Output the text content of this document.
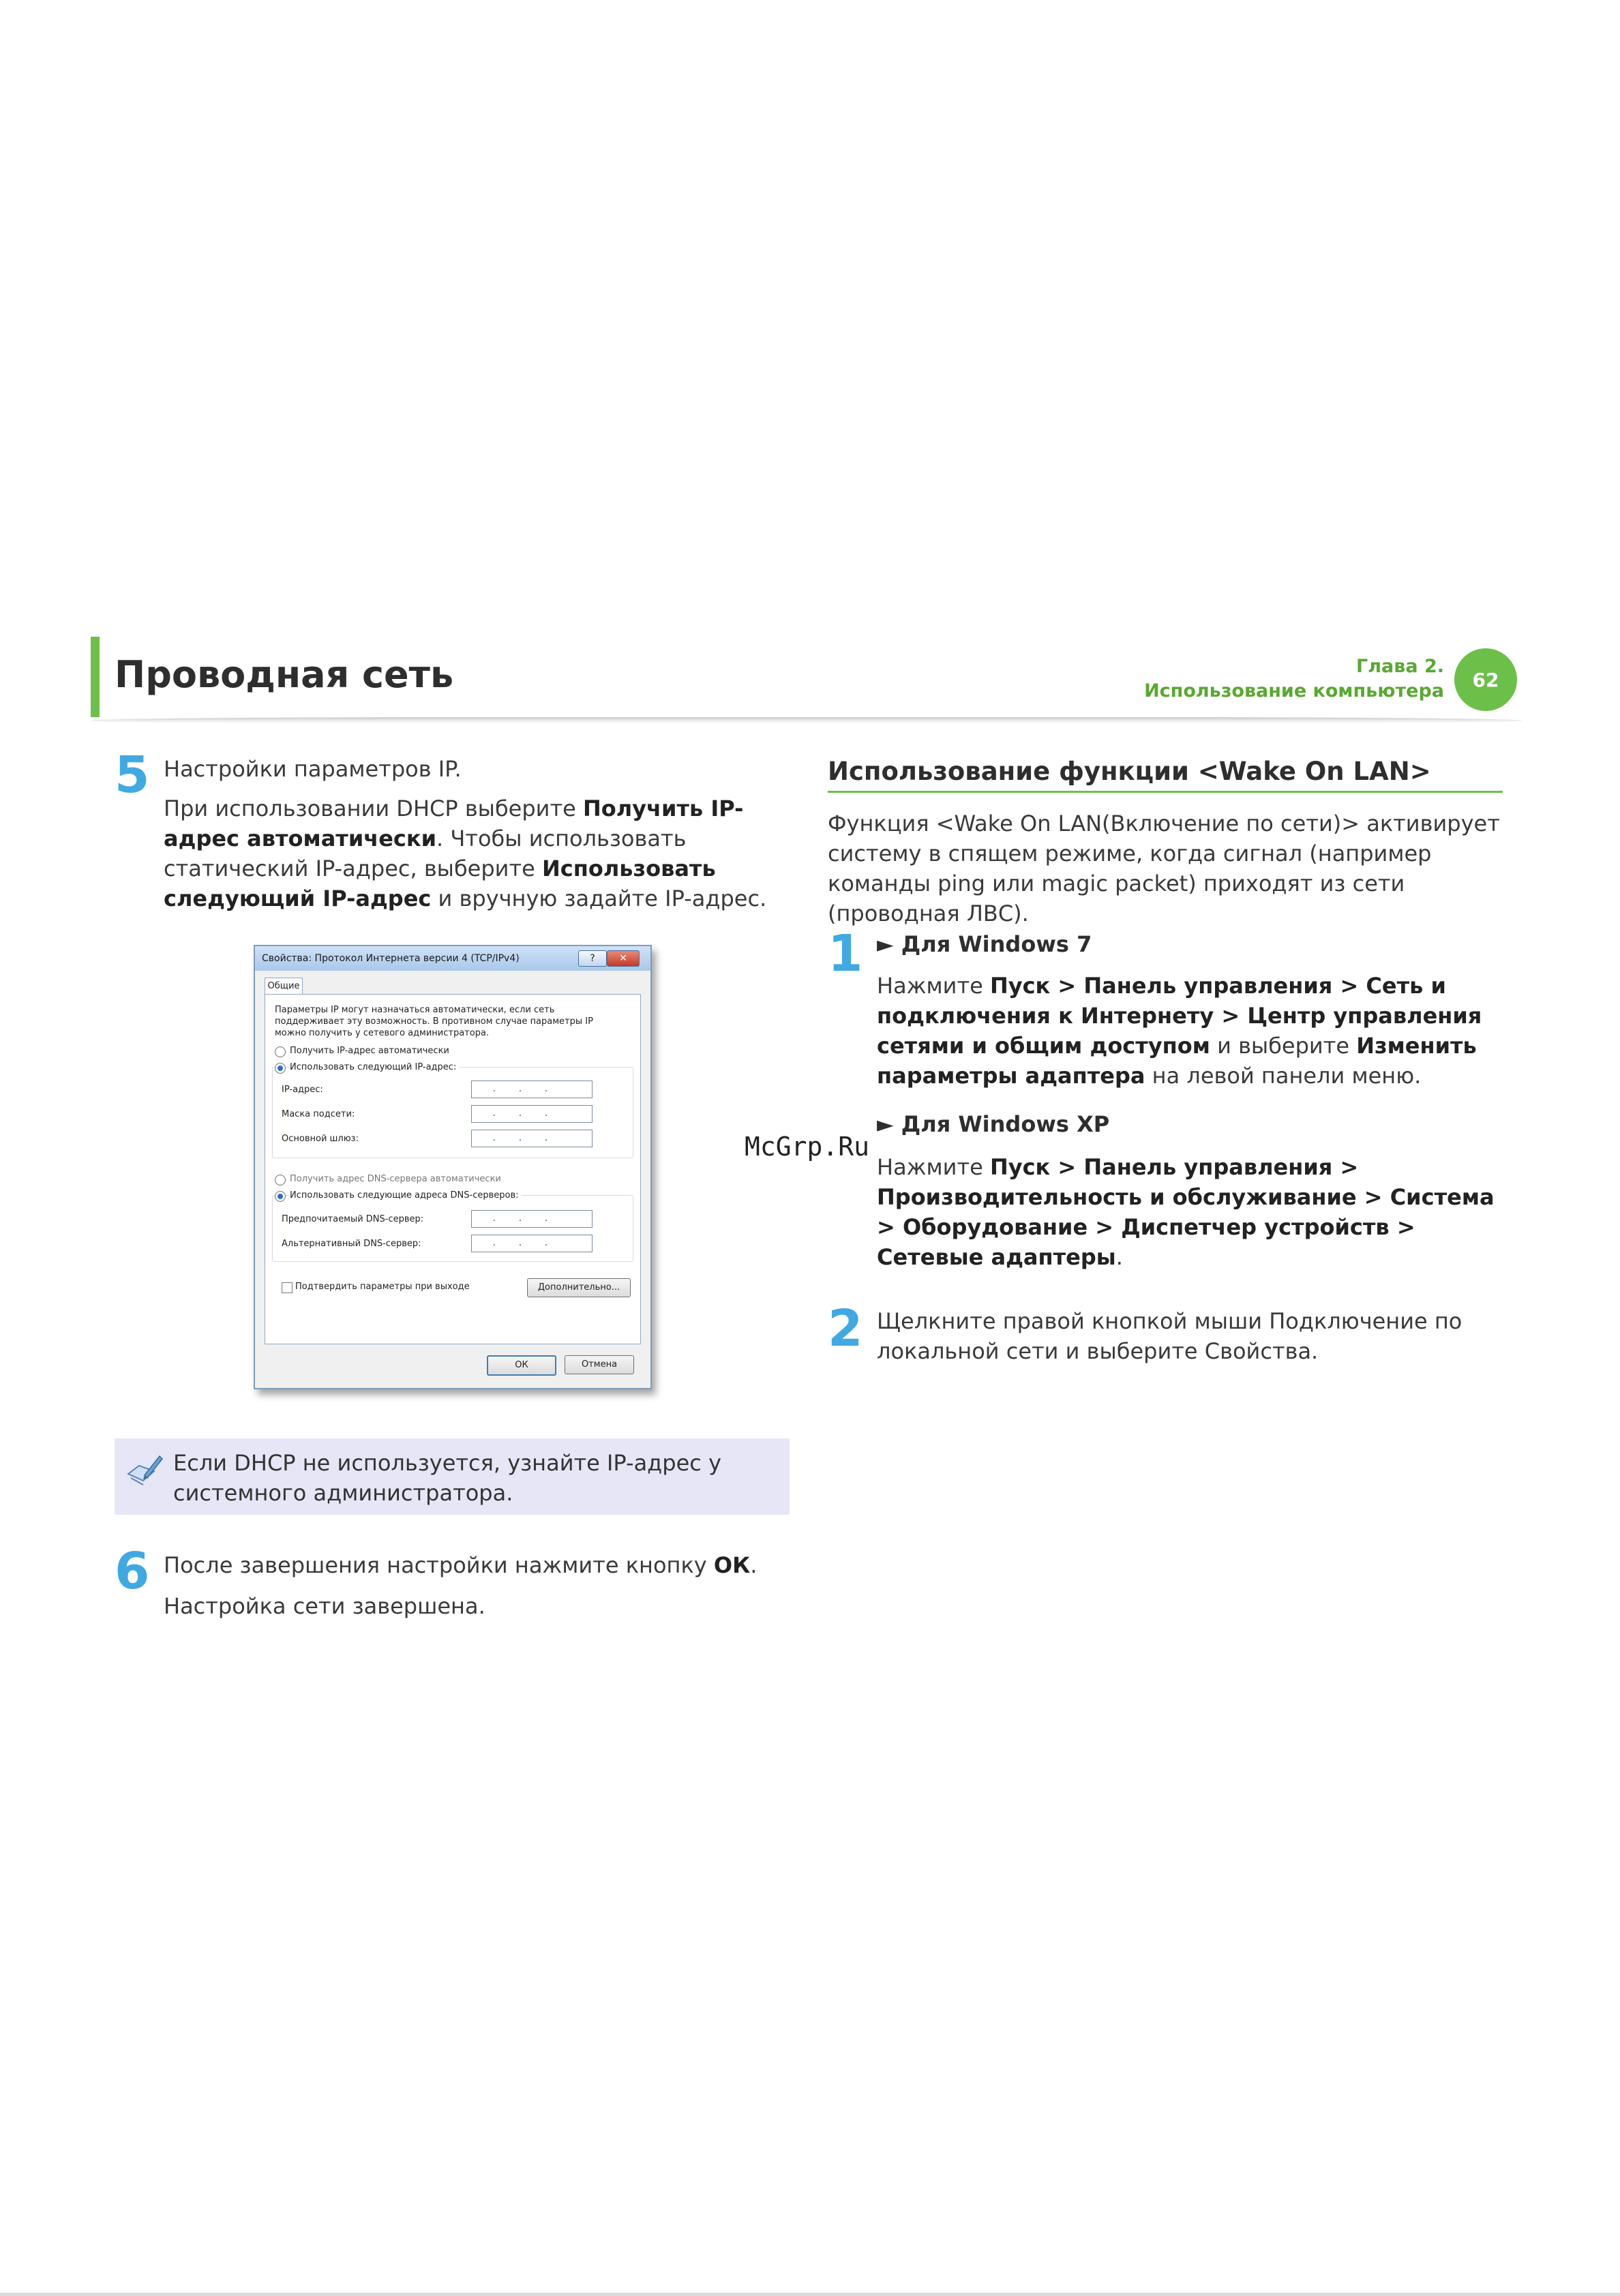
Проводная сеть	Глава 2.
Использование компьютера	62
5 Настройки параметров IP.
При использовании DHCP выберите Получить IP-адрес автоматически. Чтобы использовать статический IP-адрес, выберите Использовать следующий IP-адрес и вручную задайте IP-адрес.
Свойства: Протокол Интернета версии 4 (TCP/IPv4)	?	✕
Общие
Параметры IP могут назначаться автоматически, если сеть поддерживает эту возможность. В противном случае параметры IP можно получить у сетевого администратора.
Получить IP-адрес автоматически
Использовать следующий IP-адрес:
IP-адрес:	...
Маска подсети:	...
Основной шлюз:	...
Получить адрес DNS-сервера автоматически
Использовать следующие адреса DNS-серверов:
Предпочитаемый DNS-сервер:	...
Альтернативный DNS-сервер:	...
Подтвердить параметры при выходе	Дополнительно...
ОК	Отмена
Если DHCP не используется, узнайте IP-адрес у системного администратора.
6 После завершения настройки нажмите кнопку ОК.
Настройка сети завершена.
Использование функции <Wake On LAN>
Функция <Wake On LAN(Включение по сети)> активирует систему в спящем режиме, когда сигнал (например команды ping или magic packet) приходят из сети (проводная ЛВС).
1 ► Для Windows 7
Нажмите Пуск > Панель управления > Сеть и подключения к Интернету > Центр управления сетями и общим доступом и выберите Изменить параметры адаптера на левой панели меню.
► Для Windows XP
Нажмите Пуск > Панель управления > Производительность и обслуживание > Система > Оборудование > Диспетчер устройств > Сетевые адаптеры.
2 Щелкните правой кнопкой мыши Подключение по локальной сети и выберите Свойства.
McGrp.Ru
